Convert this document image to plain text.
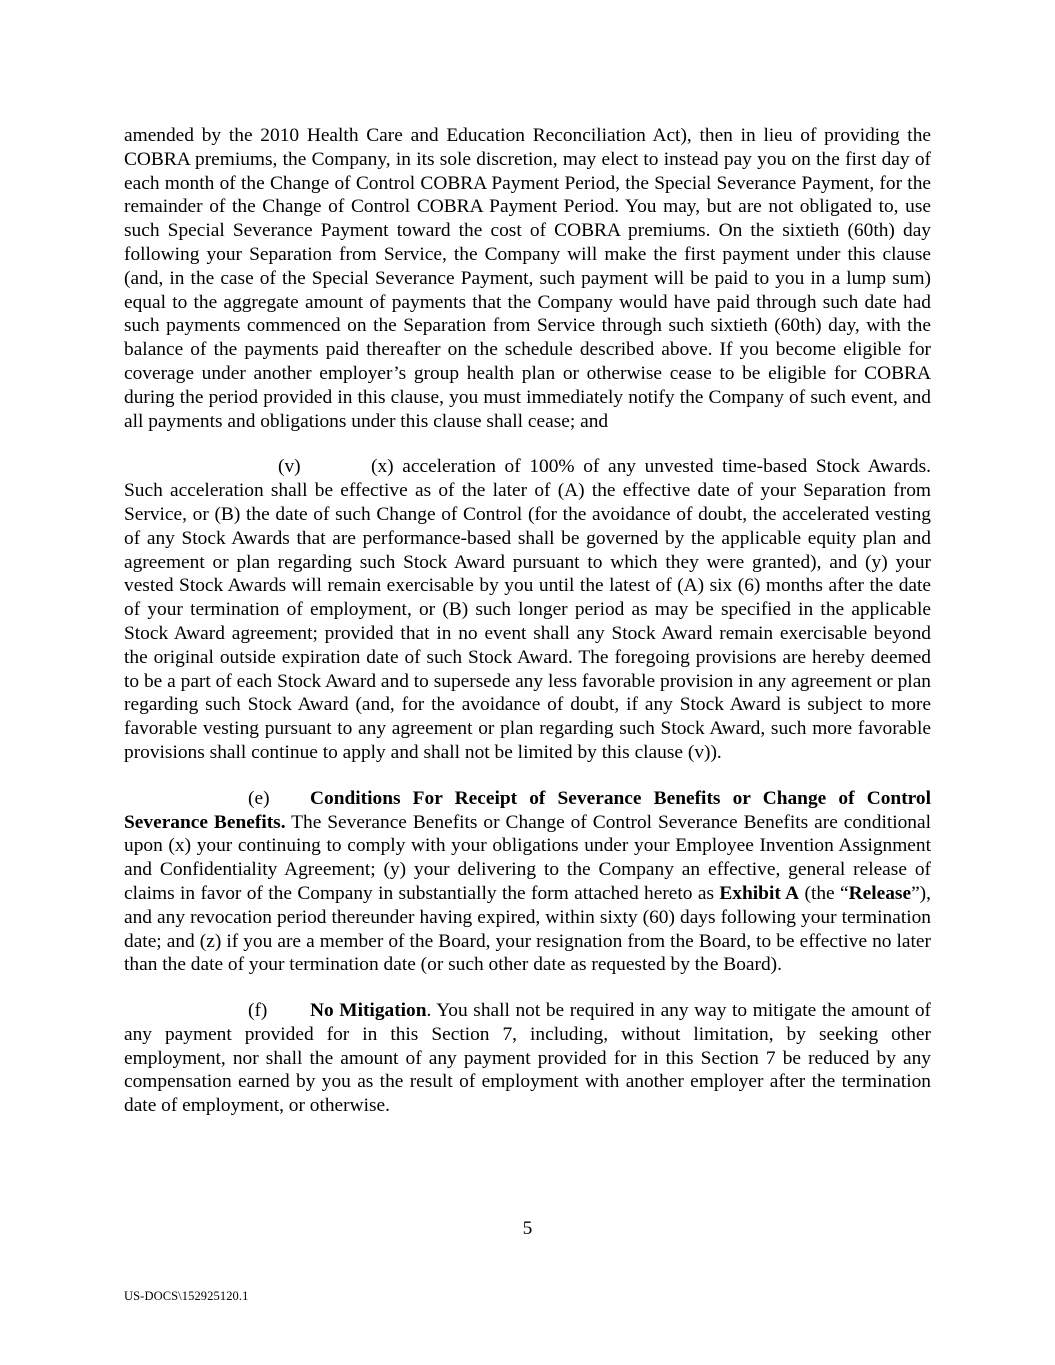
amended by the 2010 Health Care and Education Reconciliation Act), then in lieu of providing the COBRA premiums, the Company, in its sole discretion, may elect to instead pay you on the first day of each month of the Change of Control COBRA Payment Period, the Special Severance Payment, for the remainder of the Change of Control COBRA Payment Period. You may, but are not obligated to, use such Special Severance Payment toward the cost of COBRA premiums. On the sixtieth (60th) day following your Separation from Service, the Company will make the first payment under this clause (and, in the case of the Special Severance Payment, such payment will be paid to you in a lump sum) equal to the aggregate amount of payments that the Company would have paid through such date had such payments commenced on the Separation from Service through such sixtieth (60th) day, with the balance of the payments paid thereafter on the schedule described above. If you become eligible for coverage under another employer’s group health plan or otherwise cease to be eligible for COBRA during the period provided in this clause, you must immediately notify the Company of such event, and all payments and obligations under this clause shall cease; and

(v)	(x) acceleration of 100% of any unvested time-based Stock Awards. Such acceleration shall be effective as of the later of (A) the effective date of your Separation from Service, or (B) the date of such Change of Control (for the avoidance of doubt, the accelerated vesting of any Stock Awards that are performance-based shall be governed by the applicable equity plan and agreement or plan regarding such Stock Award pursuant to which they were granted), and (y) your vested Stock Awards will remain exercisable by you until the latest of (A) six (6) months after the date of your termination of employment, or (B) such longer period as may be specified in the applicable Stock Award agreement; provided that in no event shall any Stock Award remain exercisable beyond the original outside expiration date of such Stock Award. The foregoing provisions are hereby deemed to be a part of each Stock Award and to supersede any less favorable provision in any agreement or plan regarding such Stock Award (and, for the avoidance of doubt, if any Stock Award is subject to more favorable vesting pursuant to any agreement or plan regarding such Stock Award, such more favorable provisions shall continue to apply and shall not be limited by this clause (v)).

(e) Conditions For Receipt of Severance Benefits or Change of Control Severance Benefits. The Severance Benefits or Change of Control Severance Benefits are conditional upon (x) your continuing to comply with your obligations under your Employee Invention Assignment and Confidentiality Agreement; (y) your delivering to the Company an effective, general release of claims in favor of the Company in substantially the form attached hereto as Exhibit A (the “Release”), and any revocation period thereunder having expired, within sixty (60) days following your termination date; and (z) if you are a member of the Board, your resignation from the Board, to be effective no later than the date of your termination date (or such other date as requested by the Board).

(f) No Mitigation. You shall not be required in any way to mitigate the amount of any payment provided for in this Section 7, including, without limitation, by seeking other employment, nor shall the amount of any payment provided for in this Section 7 be reduced by any compensation earned by you as the result of employment with another employer after the termination date of employment, or otherwise.

5
US-DOCS\152925120.1
